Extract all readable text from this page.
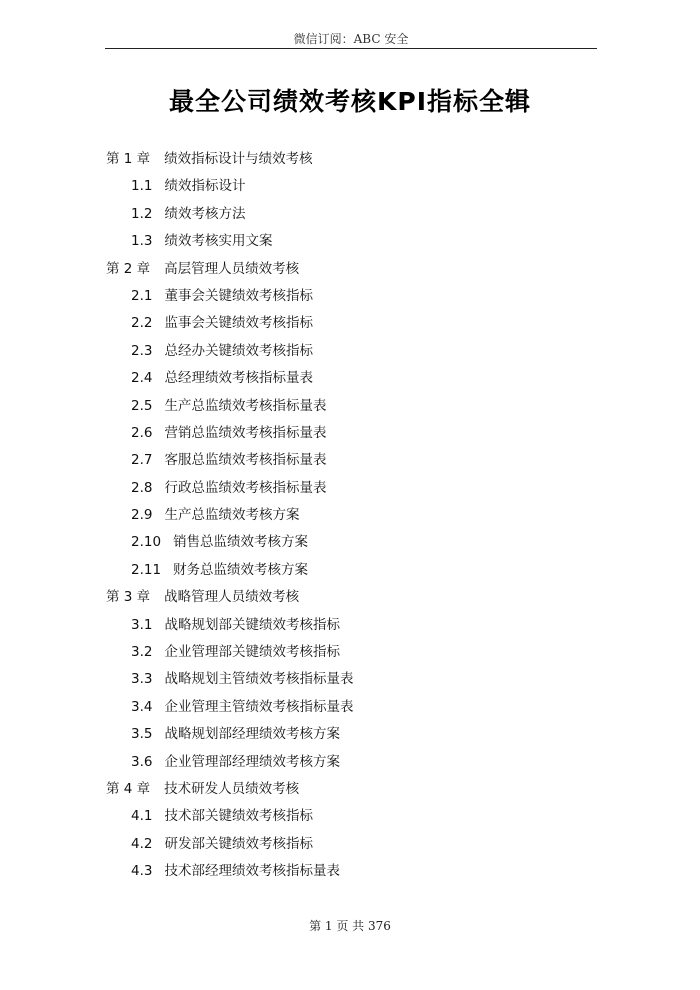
微信订阅：ABC 安全
最全公司绩效考核KPI指标全辑
第 1 章 绩效指标设计与绩效考核
1.1 绩效指标设计
1.2 绩效考核方法
1.3 绩效考核实用文案
第 2 章 高层管理人员绩效考核
2.1 董事会关键绩效考核指标
2.2 监事会关键绩效考核指标
2.3 总经办关键绩效考核指标
2.4 总经理绩效考核指标量表
2.5 生产总监绩效考核指标量表
2.6 营销总监绩效考核指标量表
2.7 客服总监绩效考核指标量表
2.8 行政总监绩效考核指标量表
2.9 生产总监绩效考核方案
2.10 销售总监绩效考核方案
2.11 财务总监绩效考核方案
第 3 章 战略管理人员绩效考核
3.1 战略规划部关键绩效考核指标
3.2 企业管理部关键绩效考核指标
3.3 战略规划主管绩效考核指标量表
3.4 企业管理主管绩效考核指标量表
3.5 战略规划部经理绩效考核方案
3.6 企业管理部经理绩效考核方案
第 4 章 技术研发人员绩效考核
4.1 技术部关键绩效考核指标
4.2 研发部关键绩效考核指标
4.3 技术部经理绩效考核指标量表
第 1 页 共 376
